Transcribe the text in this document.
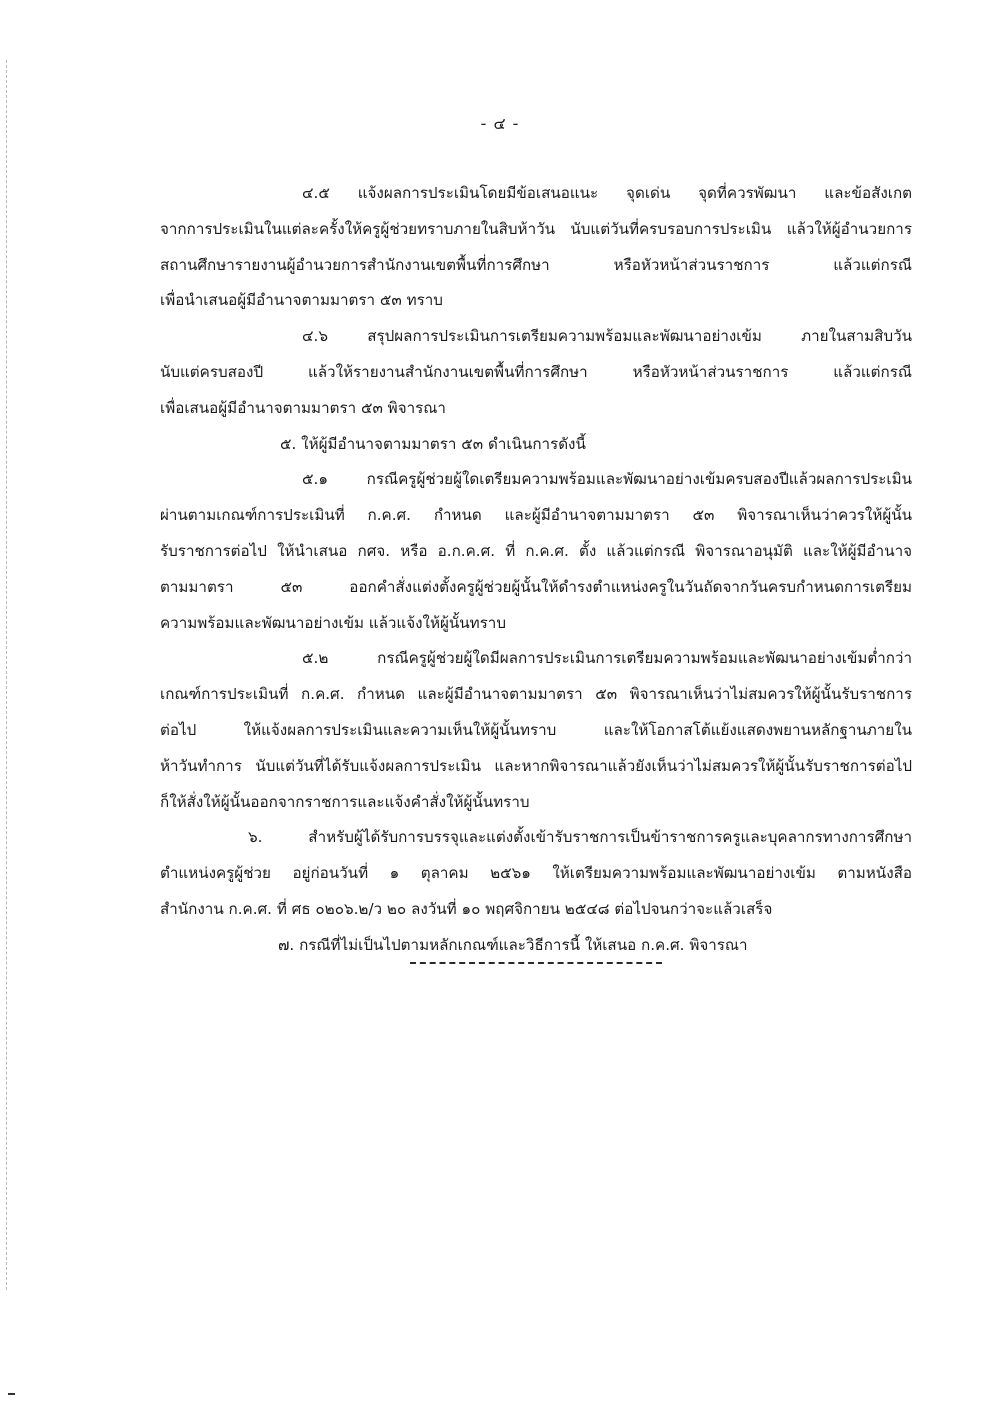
- ๔ -
๔.๕ แจ้งผลการประเมินโดยมีข้อเสนอแนะ จุดเด่น จุดที่ควรพัฒนา และข้อสังเกต
จากการประเมินในแต่ละครั้งให้ครูผู้ช่วยทราบภายในสิบห้าวัน นับแต่วันที่ครบรอบการประเมิน แล้วให้ผู้อำนวยการ
สถานศึกษารายงานผู้อำนวยการสำนักงานเขตพื้นที่การศึกษา หรือหัวหน้าส่วนราชการ แล้วแต่กรณี
เพื่อนำเสนอผู้มีอำนาจตามมาตรา ๕๓ ทราบ
๔.๖ สรุปผลการประเมินการเตรียมความพร้อมและพัฒนาอย่างเข้ม ภายในสามสิบวัน
นับแต่ครบสองปี แล้วให้รายงานสำนักงานเขตพื้นที่การศึกษา หรือหัวหน้าส่วนราชการ แล้วแต่กรณี
เพื่อเสนอผู้มีอำนาจตามมาตรา ๕๓ พิจารณา
๕. ให้ผู้มีอำนาจตามมาตรา ๕๓ ดำเนินการดังนี้
๕.๑ กรณีครูผู้ช่วยผู้ใดเตรียมความพร้อมและพัฒนาอย่างเข้มครบสองปีแล้วผลการประเมิน
ผ่านตามเกณฑ์การประเมินที่ ก.ค.ศ. กำหนด และผู้มีอำนาจตามมาตรา ๕๓ พิจารณาเห็นว่าควรให้ผู้นั้น
รับราชการต่อไป ให้นำเสนอ กศจ. หรือ อ.ก.ค.ศ. ที่ ก.ค.ศ. ตั้ง แล้วแต่กรณี พิจารณาอนุมัติ และให้ผู้มีอำนาจ
ตามมาตรา ๕๓ ออกคำสั่งแต่งตั้งครูผู้ช่วยผู้นั้นให้ดำรงตำแหน่งครูในวันถัดจากวันครบกำหนดการเตรียม
ความพร้อมและพัฒนาอย่างเข้ม แล้วแจ้งให้ผู้นั้นทราบ
๕.๒ กรณีครูผู้ช่วยผู้ใดมีผลการประเมินการเตรียมความพร้อมและพัฒนาอย่างเข้มต่ำกว่า
เกณฑ์การประเมินที่ ก.ค.ศ. กำหนด และผู้มีอำนาจตามมาตรา ๕๓ พิจารณาเห็นว่าไม่สมควรให้ผู้นั้นรับราชการ
ต่อไป ให้แจ้งผลการประเมินและความเห็นให้ผู้นั้นทราบ และให้โอกาสโต้แย้งแสดงพยานหลักฐานภายใน
ห้าวันทำการ นับแต่วันที่ได้รับแจ้งผลการประเมิน และหากพิจารณาแล้วยังเห็นว่าไม่สมควรให้ผู้นั้นรับราชการต่อไป
ก็ให้สั่งให้ผู้นั้นออกจากราชการและแจ้งคำสั่งให้ผู้นั้นทราบ
๖. สำหรับผู้ได้รับการบรรจุและแต่งตั้งเข้ารับราชการเป็นข้าราชการครูและบุคลากรทางการศึกษา
ตำแหน่งครูผู้ช่วย อยู่ก่อนวันที่ ๑ ตุลาคม ๒๕๖๑ ให้เตรียมความพร้อมและพัฒนาอย่างเข้ม ตามหนังสือ
สำนักงาน ก.ค.ศ. ที่ ศธ ๐๒๐๖.๒/ว ๒๐ ลงวันที่ ๑๐ พฤศจิกายน ๒๕๔๘ ต่อไปจนกว่าจะแล้วเสร็จ
๗. กรณีที่ไม่เป็นไปตามหลักเกณฑ์และวิธีการนี้ ให้เสนอ ก.ค.ศ. พิจารณา
